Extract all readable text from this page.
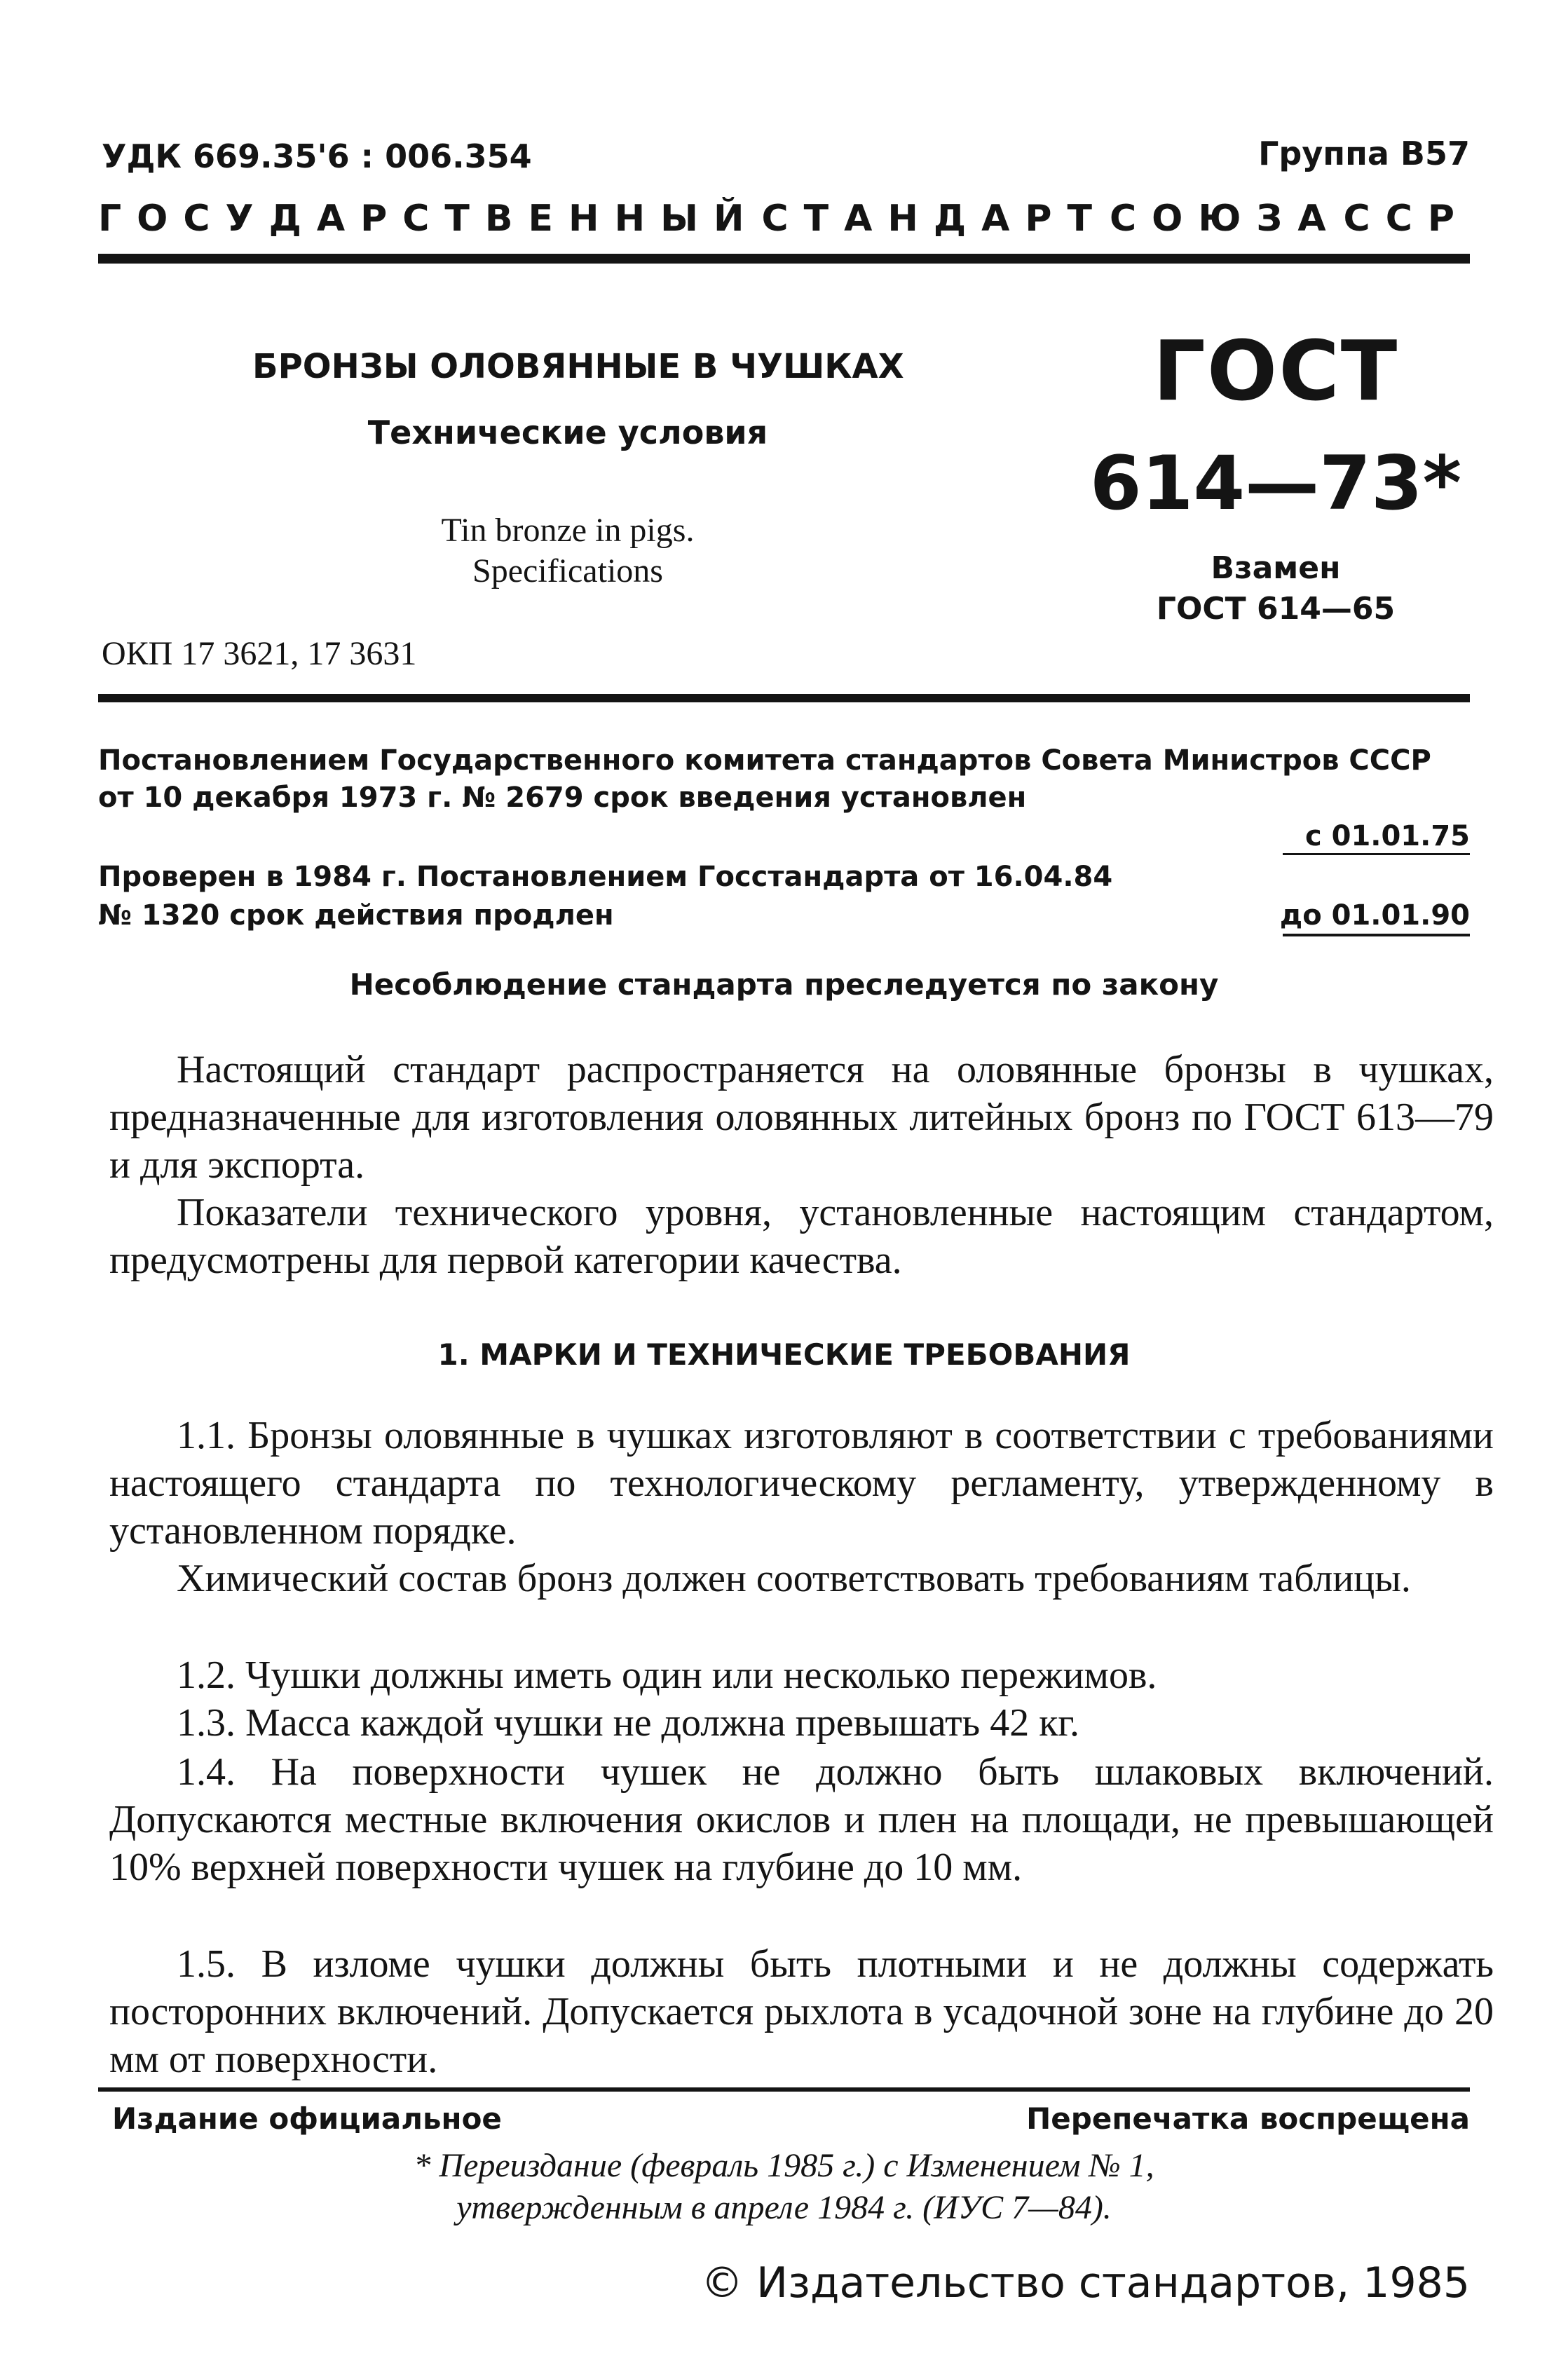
УДК 669.35'6 : 006.354	Группа В57
ГОСУДАРСТВЕННЫЙ СТАНДАРТ СОЮЗА ССР
БРОНЗЫ ОЛОВЯННЫЕ В ЧУШКАХ
Технические условия
Tin bronze in pigs.
Specifications
ОКП 17 3621, 17 3631
ГОСТ
614—73*
Взамен
ГОСТ 614—65
Постановлением Государственного комитета стандартов Совета Министров СССР
от 10 декабря 1973 г. № 2679 срок введения установлен
с 01.01.75
Проверен в 1984 г. Постановлением Госстандарта от 16.04.84
№ 1320 срок действия продлен	до 01.01.90
Несоблюдение стандарта преследуется по закону
Настоящий стандарт распространяется на оловянные бронзы в чушках, предназначенные для изготовления оловянных литейных бронз по ГОСТ 613—79 и для экспорта.
Показатели технического уровня, установленные настоящим стандартом, предусмотрены для первой категории качества.
1. МАРКИ И ТЕХНИЧЕСКИЕ ТРЕБОВАНИЯ
1.1. Бронзы оловянные в чушках изготовляют в соответствии с требованиями настоящего стандарта по технологическому регламенту, утвержденному в установленном порядке.
Химический состав бронз должен соответствовать требованиям таблицы.
1.2. Чушки должны иметь один или несколько пережимов.
1.3. Масса каждой чушки не должна превышать 42 кг.
1.4. На поверхности чушек не должно быть шлаковых включений. Допускаются местные включения окислов и плен на площади, не превышающей 10% верхней поверхности чушек на глубине до 10 мм.
1.5. В изломе чушки должны быть плотными и не должны содержать посторонних включений. Допускается рыхлота в усадочной зоне на глубине до 20 мм от поверхности.
Издание официальное	Перепечатка воспрещена
* Переиздание (февраль 1985 г.) с Изменением № 1,
утвержденным в апреле 1984 г. (ИУС 7—84).
© Издательство стандартов, 1985
